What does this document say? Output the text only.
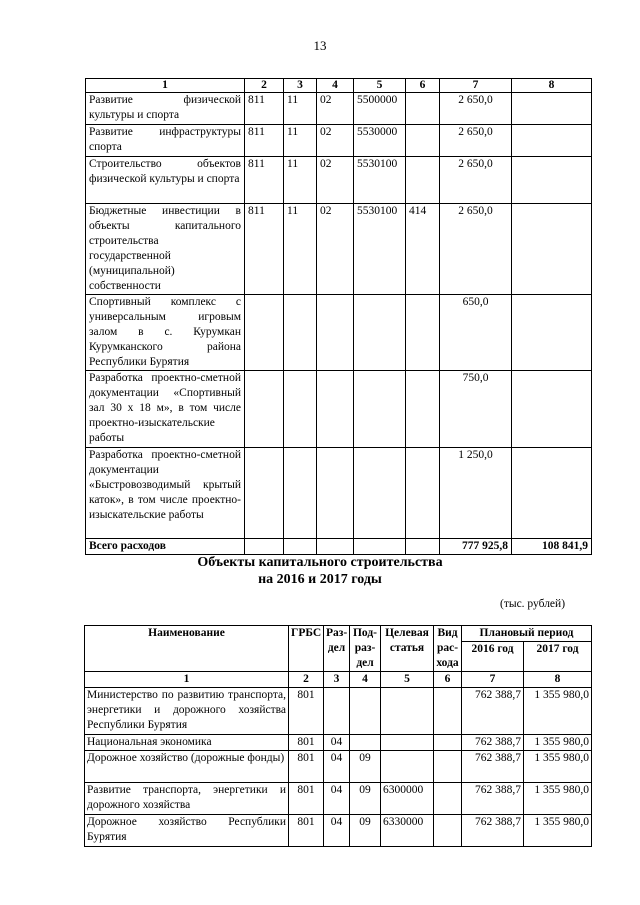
13
1	2	3	4	5	6	7	8
Развитие физической культуры и спорта	811	11	02	5500000		2 650,0	
Развитие инфраструктуры спорта	811	11	02	5530000		2 650,0	
Строительство объектов физической культуры и спорта	811	11	02	5530100		2 650,0	
Бюджетные инвестиции в объекты капитального строительства государственной (муниципальной) собственности	811	11	02	5530100	414	2 650,0	
Спортивный комплекс с универсальным игровым залом в с. Курумкан Курумканского района Республики Бурятия						650,0	
Разработка проектно-сметной документации «Спортивный зал 30 х 18 м», в том числе проектно-изыскательские работы						750,0	
Разработка проектно-сметной документации «Быстровозводимый крытый каток», в том числе проектно-изыскательские работы						1 250,0	
Всего расходов						777 925,8	108 841,9
Объекты капитального строительства
на 2016 и 2017 годы
(тыс. рублей)
Наименование	ГРБС	Раз-дел	Под-раз-дел	Целевая статья	Вид рас-хода	Плановый период	
						2016 год	2017 год
1	2	3	4	5	6	7	8
Министерство по развитию транспорта, энергетики и дорожного хозяйства Республики Бурятия	801					762 388,7	1 355 980,0
Национальная экономика	801	04				762 388,7	1 355 980,0
Дорожное хозяйство (дорожные фонды)	801	04	09			762 388,7	1 355 980,0
Развитие транспорта, энергетики и дорожного хозяйства	801	04	09	6300000		762 388,7	1 355 980,0
Дорожное хозяйство Республики Бурятия	801	04	09	6330000		762 388,7	1 355 980,0
